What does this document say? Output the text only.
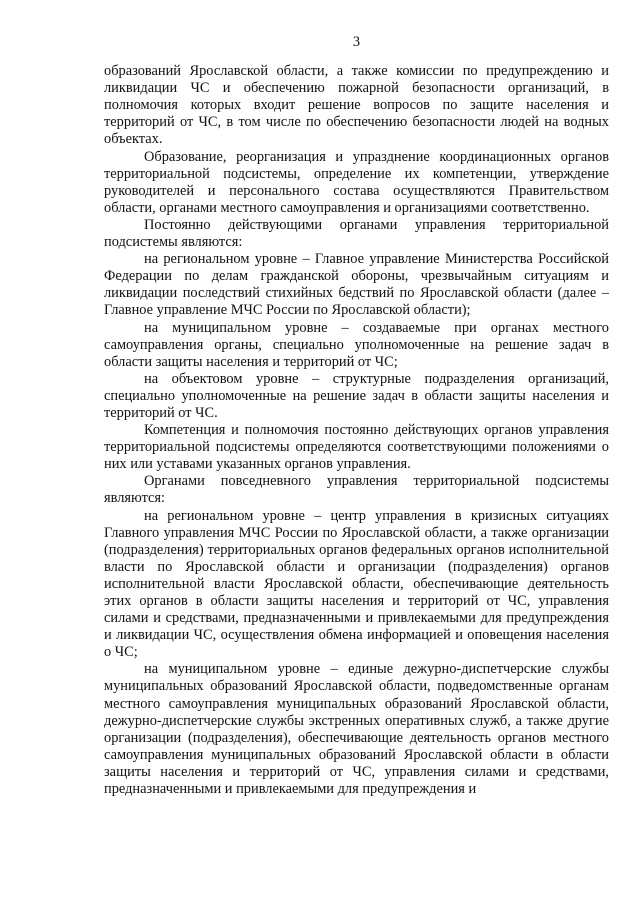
3

образований Ярославской области, а также комиссии по предупреждению и ликвидации ЧС и обеспечению пожарной безопасности организаций, в полномочия которых входит решение вопросов по защите населения и территорий от ЧС, в том числе по обеспечению безопасности людей на водных объектах.

Образование, реорганизация и упразднение координационных органов территориальной подсистемы, определение их компетенции, утверждение руководителей и персонального состава осуществляются Правительством области, органами местного самоуправления и организациями соответственно.

Постоянно действующими органами управления территориальной подсистемы являются:

на региональном уровне – Главное управление Министерства Российской Федерации по делам гражданской обороны, чрезвычайным ситуациям и ликвидации последствий стихийных бедствий по Ярославской области (далее – Главное управление МЧС России по Ярославской области);

на муниципальном уровне – создаваемые при органах местного самоуправления органы, специально уполномоченные на решение задач в области защиты населения и территорий от ЧС;

на объектовом уровне – структурные подразделения организаций, специально уполномоченные на решение задач в области защиты населения и территорий от ЧС.

Компетенция и полномочия постоянно действующих органов управления территориальной подсистемы определяются соответствующими положениями о них или уставами указанных органов управления.

Органами повседневного управления территориальной подсистемы являются:

на региональном уровне – центр управления в кризисных ситуациях Главного управления МЧС России по Ярославской области, а также организации (подразделения) территориальных органов федеральных органов исполнительной власти по Ярославской области и организации (подразделения) органов исполнительной власти Ярославской области, обеспечивающие деятельность этих органов в области защиты населения и территорий от ЧС, управления силами и средствами, предназначенными и привлекаемыми для предупреждения и ликвидации ЧС, осуществления обмена информацией и оповещения населения о ЧС;

на муниципальном уровне – единые дежурно-диспетчерские службы муниципальных образований Ярославской области, подведомственные органам местного самоуправления муниципальных образований Ярославской области, дежурно-диспетчерские службы экстренных оперативных служб, а также другие организации (подразделения), обеспечивающие деятельность органов местного самоуправления муниципальных образований Ярославской области в области защиты населения и территорий от ЧС, управления силами и средствами, предназначенными и привлекаемыми для предупреждения и
